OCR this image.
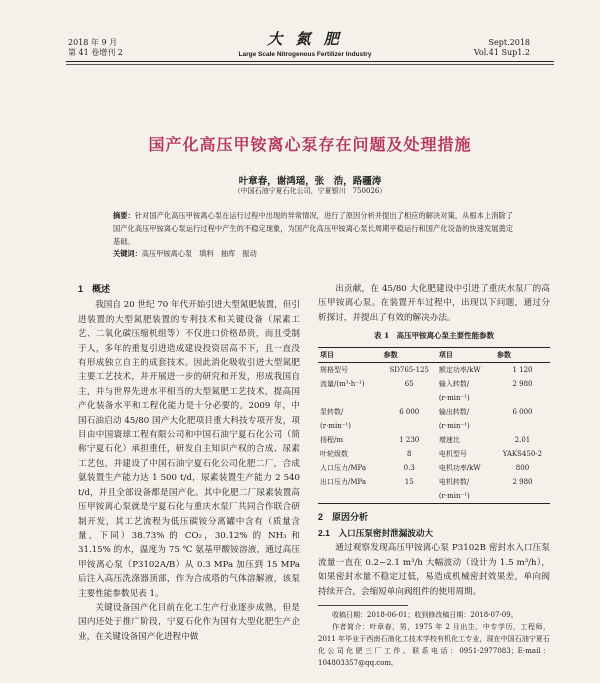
2018 年 9 月
第 41 卷增刊 2
大 氮 肥
Large Scale Nitrogenous Fertilizer Industry
Sept.2018
Vol.41 Sup1.2
国产化高压甲铵离心泵存在问题及处理措施
叶章春，谢鸿瑶，张　浩，路疆涛
（中国石油宁夏石化公司，宁夏银川　750026）
摘要：针对国产化高压甲铵离心泵在运行过程中出现的异常情况，进行了原因分析并提出了相应的解决对策，从根本上消除了国产化高压甲铵离心泵运行过程中产生的不稳定现象，为国产化高压甲铵离心泵长周期平稳运行和国产化设备的快速发展奠定基础。
关键词：高压甲铵离心泵　填料　抽库　振动
1　概述

我国自 20 世纪 70 年代开始引进大型氮肥装置，但引进装置的大型氮肥装置的专利技术和关键设备（尿素工艺、二氧化碳压缩机组等）不仅进口价格昂贵，而且受制于人，多年的重复引进造成建设投资居高不下，且一直没有形成独立自主的成套技术。因此消化吸收引进大型氮肥主要工艺技术，并开展进一步的研究和开发，形成我国自主，并与世界先进水平相当的大型氮肥工艺技术，提高国产化装备水平和工程化能力是十分必要的。2009 年，中国石油启动 45/80 国产大化肥项目重大科技专项开发，项目由中国寰球工程有限公司和中国石油宁夏石化公司（简称宁夏石化）承担重任，研发自主知识产权的合成、尿素工艺包，并建设了中国石油宁夏石化公司化肥二厂，合成氨装置生产能力达 1 500 t/d，尿素装置生产能力 2 540 t/d，并且全部设备都是国产化。其中化肥二厂尿素装置高压甲铵离心泵就是宁夏石化与重庆水泵厂共同合作联合研制开发，其工艺流程为低压碳铵分离罐中含有（质量含量，下同）38.73% 的 CO₂，30.12% 的 NH₃ 和 31.15% 的水，温度为 75 ℃ 氨基甲酸铵溶液，通过高压甲铵离心泵（P3102A/B）从 0.3 MPa 加压到 15 MPa 后注入高压洗涤器顶部，作为合成塔的气体溶解液，该泵主要性能参数见表 1。

关键设备国产化目前在化工生产行业逐步成熟，但是国内还处于推广阶段，宁夏石化作为国有大型化肥生产企业，在关键设备国产化进程中做

出贡献，在 45/80 大化肥建设中引进了重庆水泵厂的高压甲铵离心泵。在装置开车过程中，出现以下问题，通过分析探讨，并提出了有效的解决办法。

表 1　高压甲铵离心泵主要性能参数
项目	参数	项目	参数
规格型号	SD765-125	额定功率/kW	1 120
流量/(m³·h⁻¹)	65	输入转数/	2 980
		(r·min⁻¹)	
泵转数/	6 000	输出转数/	6 000
(r·min⁻¹)		(r·min⁻¹)	
扬程/m	1 230	增速比	2.01
叶轮级数	8	电机型号	YAKS450-2
人口压力/MPa	0.3	电机功率/kW	800
出口压力/MPa	15	电机转数/	2 980
		(r·min⁻¹)	
2　原因分析
2.1　入口压泵密封泄漏波动大

通过观察发现高压甲铵离心泵 P3102B 密封水入口压泵流量一直在 0.2~2.1 m³/h 大幅波动（设计为 1.5 m³/h），如果密封水量不稳定过低，易造成机械密封效果差，单向阀持续开合，会缩短单向阀组件的使用周期。

收稿日期：2018-06-01；收到修改稿日期：2018-07-09。
作者简介：叶章春，男，1975 年 2 月出生，中专学历，工程师，2011 年毕业于西南石油化工技术学校有机化工专业，现在中国石油宁夏石化公司化肥三厂工作。联系电话：0951-2977083；E-mail：104803357@qq.com。
